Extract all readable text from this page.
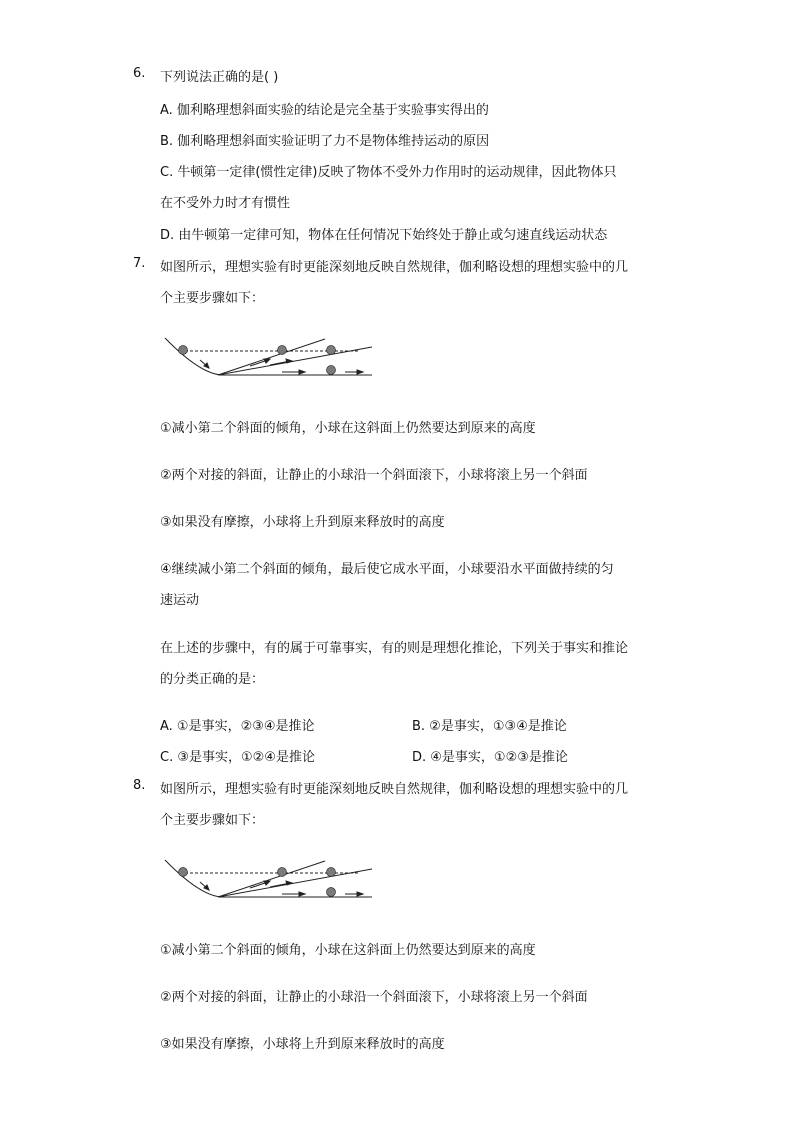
6. 下列说法正确的是( )
A. 伽利略理想斜面实验的结论是完全基于实验事实得出的
B. 伽利略理想斜面实验证明了力不是物体维持运动的原因
C. 牛顿第一定律(惯性定律)反映了物体不受外力作用时的运动规律，因此物体只
在不受外力时才有惯性
D. 由牛顿第一定律可知，物体在任何情况下始终处于静止或匀速直线运动状态
7. 如图所示，理想实验有时更能深刻地反映自然规律，伽利略设想的理想实验中的几
个主要步骤如下：
①减小第二个斜面的倾角，小球在这斜面上仍然要达到原来的高度
②两个对接的斜面，让静止的小球沿一个斜面滚下，小球将滚上另一个斜面
③如果没有摩擦，小球将上升到原来释放时的高度
④继续减小第二个斜面的倾角，最后使它成水平面，小球要沿水平面做持续的匀
速运动
在上述的步骤中，有的属于可靠事实，有的则是理想化推论，下列关于事实和推论
的分类正确的是：
A. ①是事实，②③④是推论	B. ②是事实，①③④是推论
C. ③是事实，①②④是推论	D. ④是事实，①②③是推论
8. 如图所示，理想实验有时更能深刻地反映自然规律，伽利略设想的理想实验中的几
个主要步骤如下：
①减小第二个斜面的倾角，小球在这斜面上仍然要达到原来的高度
②两个对接的斜面，让静止的小球沿一个斜面滚下，小球将滚上另一个斜面
③如果没有摩擦，小球将上升到原来释放时的高度
